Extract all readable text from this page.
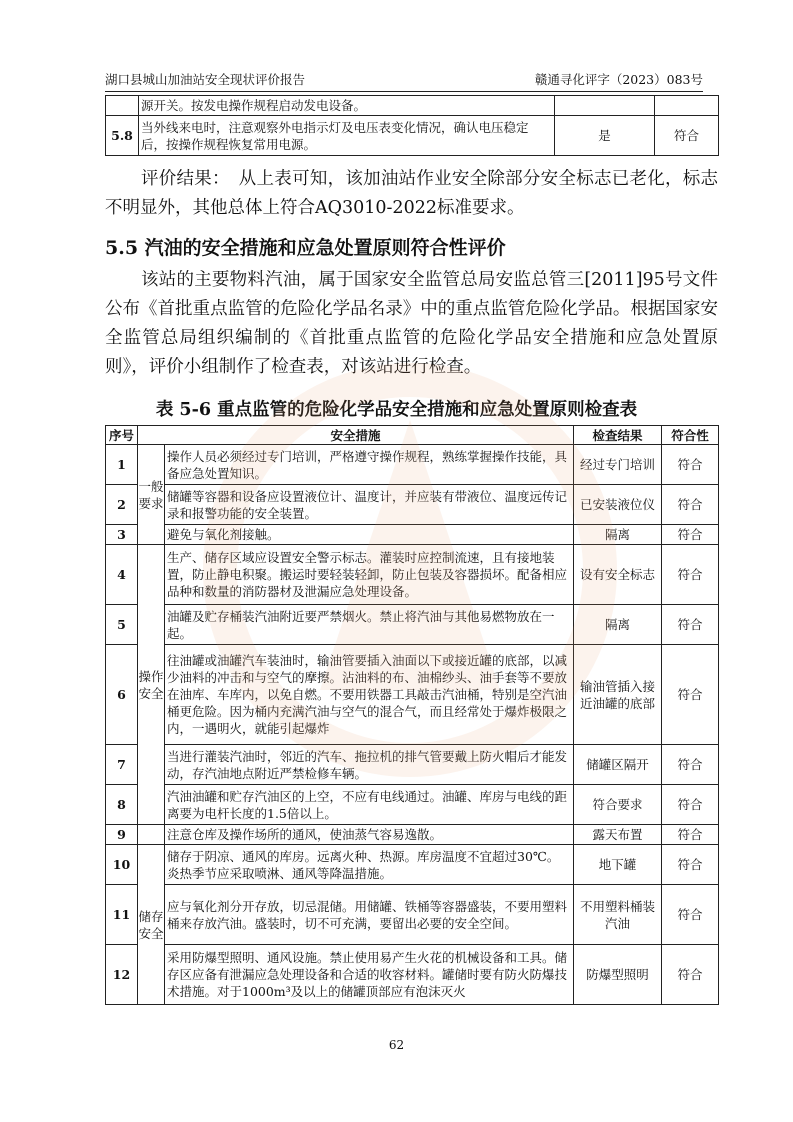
湖口县城山加油站安全现状评价报告	赣通寻化评字（2023）083号
	源开关。按发电操作规程启动发电设备。		
5.8	当外线来电时，注意观察外电指示灯及电压表变化情况，确认电压稳定后，按操作规程恢复常用电源。	是	符合
评价结果：　从上表可知，该加油站作业安全除部分安全标志已老化，标志不明显外，其他总体上符合AQ3010-2022标准要求。
5.5 汽油的安全措施和应急处置原则符合性评价
该站的主要物料汽油，属于国家安全监管总局安监总管三[2011]95号文件公布《首批重点监管的危险化学品名录》中的重点监管危险化学品。根据国家安全监管总局组织编制的《首批重点监管的危险化学品安全措施和应急处置原则》，评价小组制作了检查表，对该站进行检查。
表 5-6 重点监管的危险化学品安全措施和应急处置原则检查表
序号	安全措施		检查结果	符合性
1	一般要求	操作人员必须经过专门培训，严格遵守操作规程，熟练掌握操作技能，具备应急处置知识。	经过专门培训	符合
2		储罐等容器和设备应设置液位计、温度计，并应装有带液位、温度远传记录和报警功能的安全装置。	已安装液位仪	符合
3		避免与氧化剂接触。	隔离	符合
4	操作安全	生产、储存区域应设置安全警示标志。灌装时应控制流速，且有接地装置，防止静电积聚。搬运时要轻装轻卸，防止包装及容器损坏。配备相应品种和数量的消防器材及泄漏应急处理设备。	设有安全标志	符合
5		油罐及贮存桶装汽油附近要严禁烟火。禁止将汽油与其他易燃物放在一起。	隔离	符合
6		往油罐或油罐汽车装油时，输油管要插入油面以下或接近罐的底部，以减少油料的冲击和与空气的摩擦。沾油料的布、油棉纱头、油手套等不要放在油库、车库内，以免自燃。不要用铁器工具敲击汽油桶，特别是空汽油桶更危险。因为桶内充满汽油与空气的混合气，而且经常处于爆炸极限之内，一遇明火，就能引起爆炸	输油管插入接近油罐的底部	符合
7		当进行灌装汽油时，邻近的汽车、拖拉机的排气管要戴上防火帽后才能发动，存汽油地点附近严禁检修车辆。	储罐区隔开	符合
8		汽油油罐和贮存汽油区的上空，不应有电线通过。油罐、库房与电线的距离要为电杆长度的1.5倍以上。	符合要求	符合
9		注意仓库及操作场所的通风，使油蒸气容易逸散。	露天布置	符合
10	储存安全	储存于阴凉、通风的库房。远离火种、热源。库房温度不宜超过30℃。炎热季节应采取喷淋、通风等降温措施。	地下罐	符合
11		应与氧化剂分开存放，切忌混储。用储罐、铁桶等容器盛装，不要用塑料桶来存放汽油。盛装时，切不可充满，要留出必要的安全空间。	不用塑料桶装汽油	符合
12		采用防爆型照明、通风设施。禁止使用易产生火花的机械设备和工具。储存区应备有泄漏应急处理设备和合适的收容材料。罐储时要有防火防爆技术措施。对于1000m³及以上的储罐顶部应有泡沫灭火	防爆型照明	符合
62
